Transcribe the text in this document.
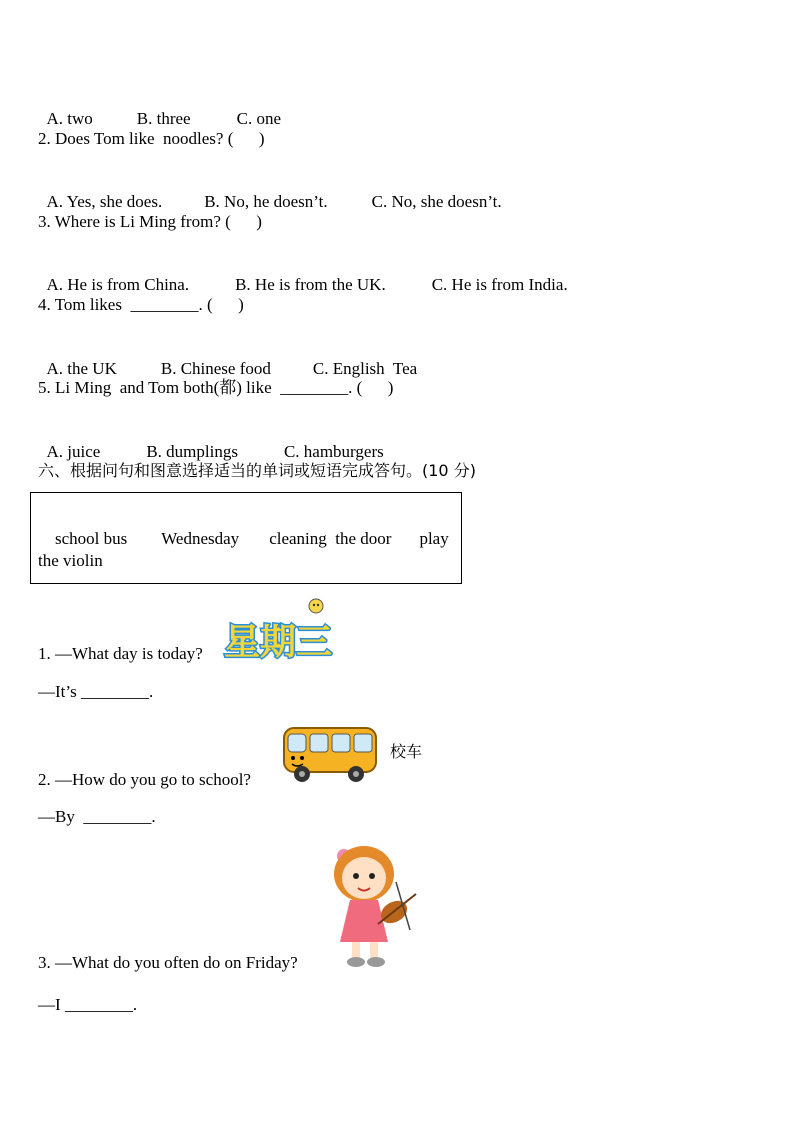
A. two	B. three	C. one

2. Does Tom like  noodles? (      )

A. Yes, she does. B. No, he doesn’t.	C. No, she doesn’t.

3. Where is Li Ming from? (      )

A. He is from China.	B. He is from the UK.	C. He is from India.

4. Tom likes  ________. (      )

A. the UK	B. Chinese food C. English  Tea

5. Li Ming  and Tom both(都) like  ________. (      )

A. juice	B. dumplings	C. hamburgers

六、根据问句和图意选择适当的单词或短语完成答句。(10 分)

school bus Wednesday cleaning  the door play

the violin
星期三
1. —What day is today?
—It’s ________.
校车
2. —How do you go to school?
—By  ________.
3. —What do you often do on Friday?
—I ________.
